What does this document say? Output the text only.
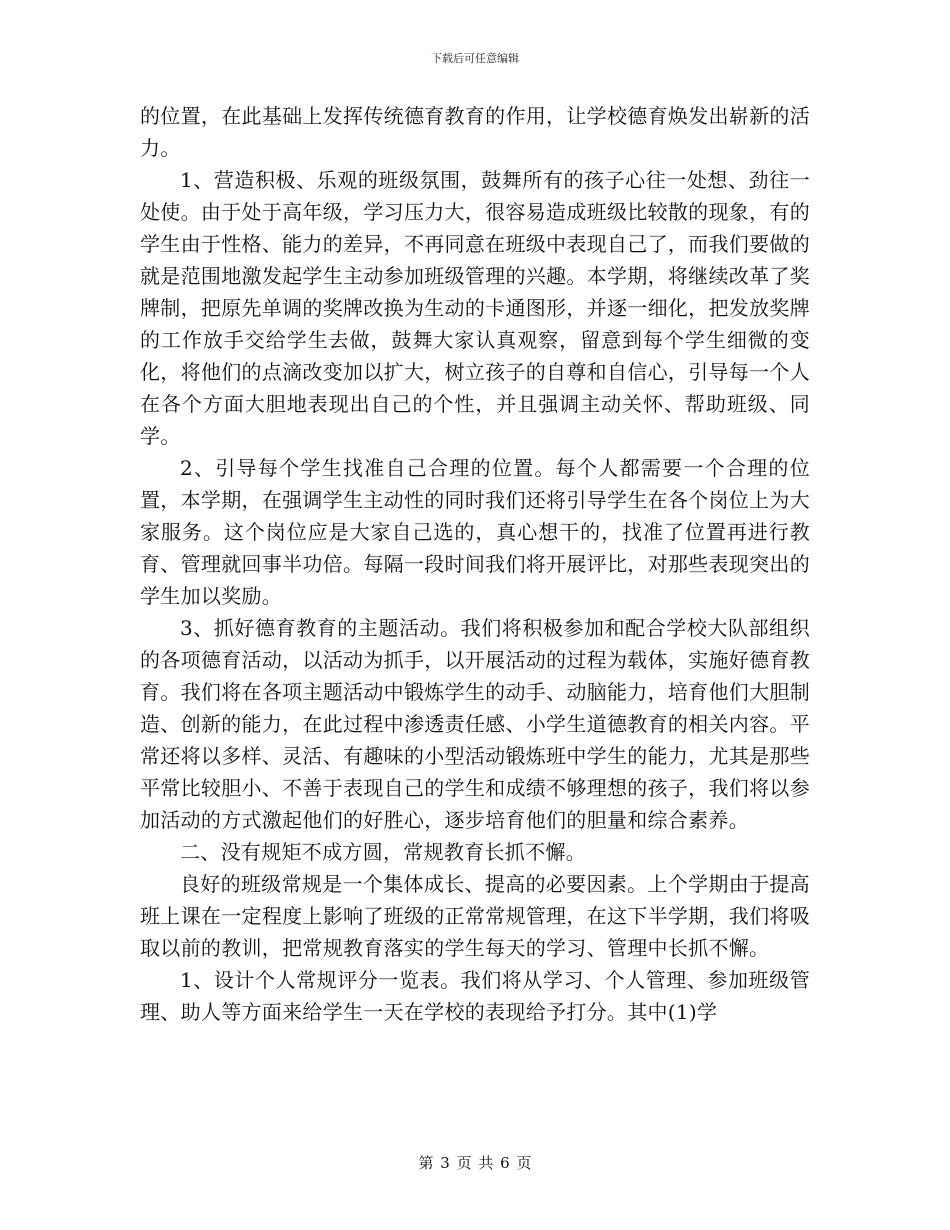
下载后可任意编辑

的位置，在此基础上发挥传统德育教育的作用，让学校德育焕发出崭新的活力。

1、营造积极、乐观的班级氛围，鼓舞所有的孩子心往一处想、劲往一处使。由于处于高年级，学习压力大，很容易造成班级比较散的现象，有的学生由于性格、能力的差异，不再同意在班级中表现自己了，而我们要做的就是范围地激发起学生主动参加班级管理的兴趣。本学期，将继续改革了奖牌制，把原先单调的奖牌改换为生动的卡通图形，并逐一细化，把发放奖牌的工作放手交给学生去做，鼓舞大家认真观察，留意到每个学生细微的变化，将他们的点滴改变加以扩大，树立孩子的自尊和自信心，引导每一个人在各个方面大胆地表现出自己的个性，并且强调主动关怀、帮助班级、同学。

2、引导每个学生找准自己合理的位置。每个人都需要一个合理的位置，本学期，在强调学生主动性的同时我们还将引导学生在各个岗位上为大家服务。这个岗位应是大家自己选的，真心想干的，找准了位置再进行教育、管理就回事半功倍。每隔一段时间我们将开展评比，对那些表现突出的学生加以奖励。

3、抓好德育教育的主题活动。我们将积极参加和配合学校大队部组织的各项德育活动，以活动为抓手，以开展活动的过程为载体，实施好德育教育。我们将在各项主题活动中锻炼学生的动手、动脑能力，培育他们大胆制造、创新的能力，在此过程中渗透责任感、小学生道德教育的相关内容。平常还将以多样、灵活、有趣味的小型活动锻炼班中学生的能力，尤其是那些平常比较胆小、不善于表现自己的学生和成绩不够理想的孩子，我们将以参加活动的方式激起他们的好胜心，逐步培育他们的胆量和综合素养。

二、没有规矩不成方圆，常规教育长抓不懈。

良好的班级常规是一个集体成长、提高的必要因素。上个学期由于提高班上课在一定程度上影响了班级的正常常规管理，在这下半学期，我们将吸取以前的教训，把常规教育落实的学生每天的学习、管理中长抓不懈。

1、设计个人常规评分一览表。我们将从学习、个人管理、参加班级管理、助人等方面来给学生一天在学校的表现给予打分。其中(1)学

第 3 页 共 6 页
